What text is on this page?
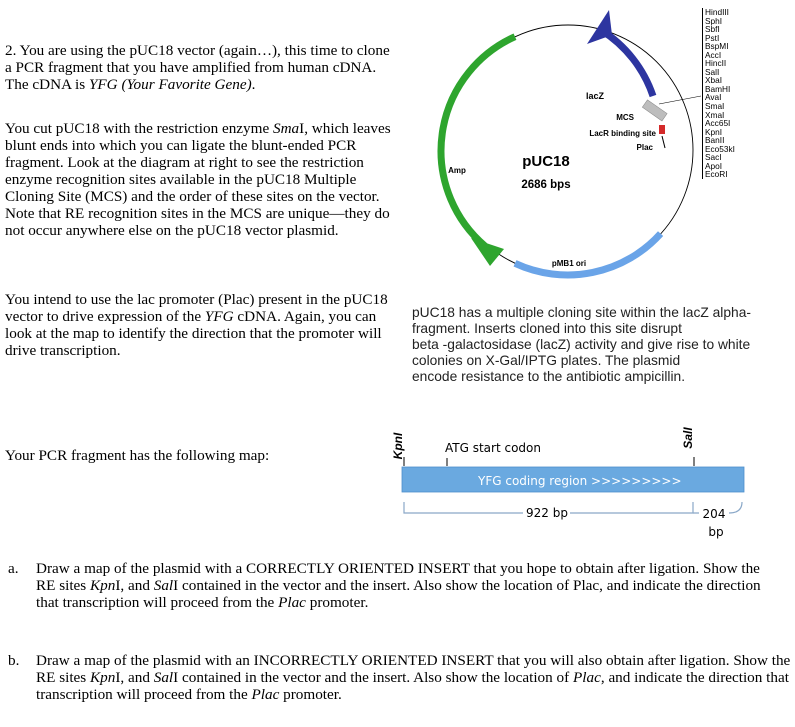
2. You are using the pUC18 vector (again…), this time to clone a PCR fragment that you have amplified from human cDNA. The cDNA is YFG (Your Favorite Gene).

You cut pUC18 with the restriction enzyme SmaI, which leaves blunt ends into which you can ligate the blunt-ended PCR fragment. Look at the diagram at right to see the restriction enzyme recognition sites available in the pUC18 Multiple Cloning Site (MCS) and the order of these sites on the vector. Note that RE recognition sites in the MCS are unique—they do not occur anywhere else on the pUC18 vector plasmid.

You intend to use the lac promoter (Plac) present in the pUC18 vector to drive expression of the YFG cDNA. Again, you can look at the map to identify the direction that the promoter will drive transcription.

Your PCR fragment has the following map:

lacZ
MCS
LacR binding site
Plac
pUC18
2686 bps
Amp
pMB1 ori
HindIII
SphI
SbfI
PstI
BspMI
AccI
HincII
SalI
XbaI
BamHI
AvaI
SmaI
XmaI
Acc65I
KpnI
BanII
Eco53kI
SacI
ApoI
EcoRI
pUC18 has a multiple cloning site within the lacZ alpha-
fragment. Inserts cloned into this site disrupt
beta -galactosidase (lacZ) activity and give rise to white
colonies on X-Gal/IPTG plates. The plasmid
encode resistance to the antibiotic ampicillin.
KpnI	SalI
ATG start codon
YFG coding region >>>>>>>>>
922 bp	204
bp
a. Draw a map of the plasmid with a CORRECTLY ORIENTED INSERT that you hope to obtain after ligation. Show the RE sites KpnI, and SalI contained in the vector and the insert. Also show the location of Plac, and indicate the direction that transcription will proceed from the Plac promoter.
b. Draw a map of the plasmid with an INCORRECTLY ORIENTED INSERT that you will also obtain after ligation. Show the RE sites KpnI, and SalI contained in the vector and the insert. Also show the location of Plac, and indicate the direction that transcription will proceed from the Plac promoter.
